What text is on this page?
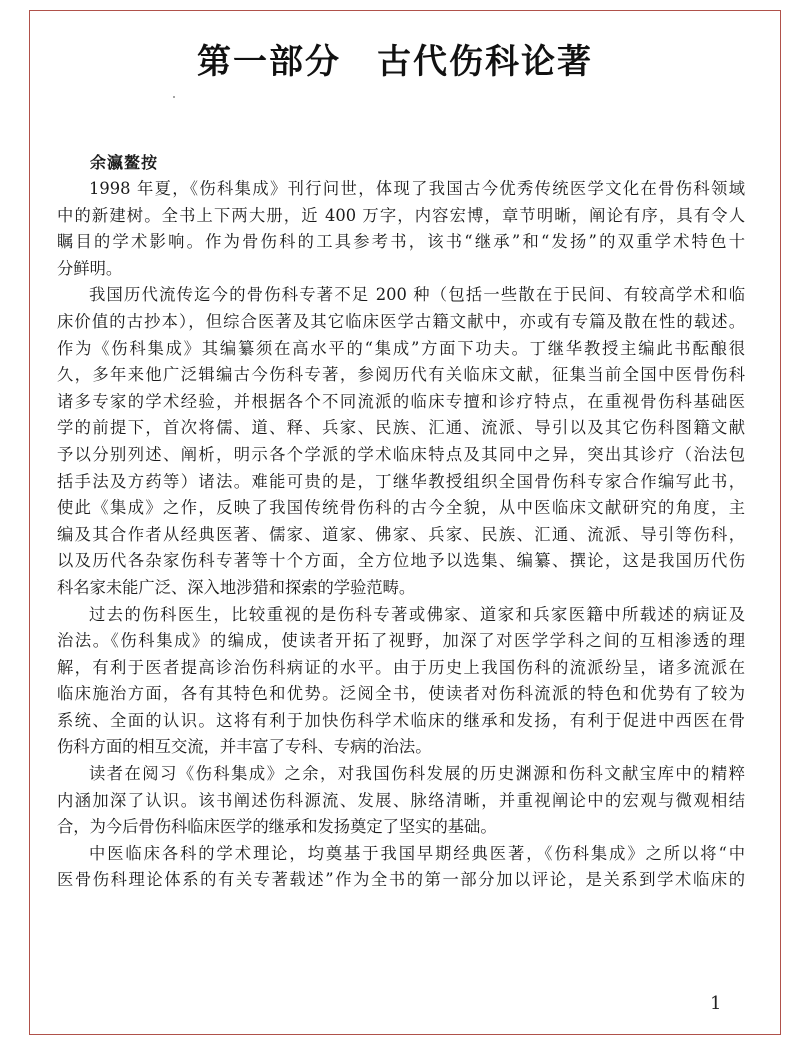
第一部分　古代伤科论著
余瀛鳌按
1998 年夏，《伤科集成》刊行问世，体现了我国古今优秀传统医学文化在骨伤科领域
中的新建树。全书上下两大册，近 400 万字，内容宏博，章节明晰，阐论有序，具有令人
瞩目的学术影响。作为骨伤科的工具参考书，该书“继承”和“发扬”的双重学术特色十
分鲜明。
我国历代流传迄今的骨伤科专著不足 200 种（包括一些散在于民间、有较高学术和临
床价值的古抄本），但综合医著及其它临床医学古籍文献中，亦或有专篇及散在性的载述。
作为《伤科集成》其编纂须在高水平的“集成”方面下功夫。丁继华教授主编此书酝酿很
久，多年来他广泛辑编古今伤科专著，参阅历代有关临床文献，征集当前全国中医骨伤科
诸多专家的学术经验，并根据各个不同流派的临床专擅和诊疗特点，在重视骨伤科基础医
学的前提下，首次将儒、道、释、兵家、民族、汇通、流派、导引以及其它伤科图籍文献
予以分别列述、阐析，明示各个学派的学术临床特点及其同中之异，突出其诊疗（治法包
括手法及方药等）诸法。难能可贵的是，丁继华教授组织全国骨伤科专家合作编写此书，
使此《集成》之作，反映了我国传统骨伤科的古今全貌，从中医临床文献研究的角度，主
编及其合作者从经典医著、儒家、道家、佛家、兵家、民族、汇通、流派、导引等伤科，
以及历代各杂家伤科专著等十个方面，全方位地予以选集、编纂、撰论，这是我国历代伤
科名家未能广泛、深入地涉猎和探索的学验范畴。
过去的伤科医生，比较重视的是伤科专著或佛家、道家和兵家医籍中所载述的病证及
治法。《伤科集成》的编成，使读者开拓了视野，加深了对医学学科之间的互相渗透的理
解，有利于医者提高诊治伤科病证的水平。由于历史上我国伤科的流派纷呈，诸多流派在
临床施治方面，各有其特色和优势。泛阅全书，使读者对伤科流派的特色和优势有了较为
系统、全面的认识。这将有利于加快伤科学术临床的继承和发扬，有利于促进中西医在骨
伤科方面的相互交流，并丰富了专科、专病的治法。
读者在阅习《伤科集成》之余，对我国伤科发展的历史渊源和伤科文献宝库中的精粹
内涵加深了认识。该书阐述伤科源流、发展、脉络清晰，并重视阐论中的宏观与微观相结
合，为今后骨伤科临床医学的继承和发扬奠定了坚实的基础。
中医临床各科的学术理论，均奠基于我国早期经典医著，《伤科集成》之所以将“中
医骨伤科理论体系的有关专著载述”作为全书的第一部分加以评论，是关系到学术临床的
1
